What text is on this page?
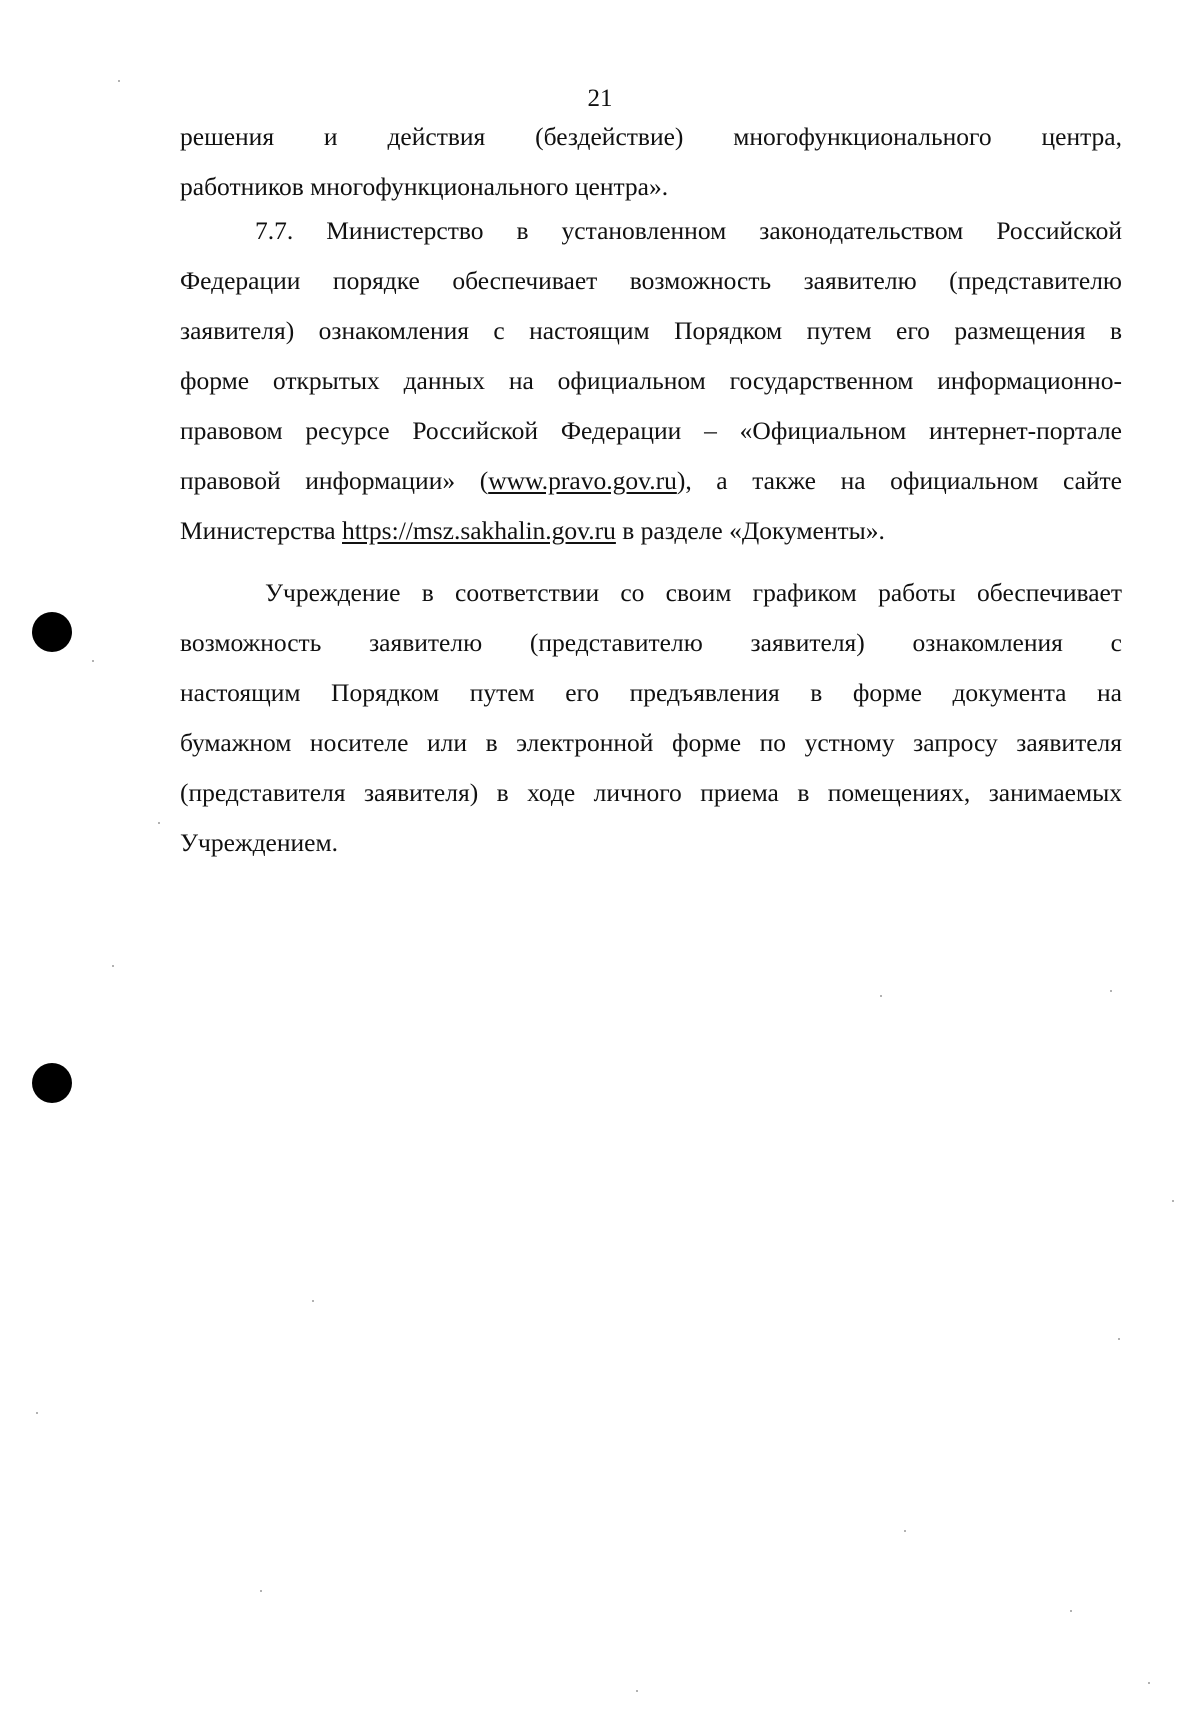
21
решения и действия (бездействие) многофункционального центра,
работников многофункционального центра».
7.7. Министерство в установленном законодательством Российской
Федерации порядке обеспечивает возможность заявителю (представителю
заявителя) ознакомления с настоящим Порядком путем его размещения в
форме открытых данных на официальном государственном информационно-
правовом ресурсе Российской Федерации – «Официальном интернет-портале
правовой информации» (www.pravo.gov.ru), а также на официальном сайте
Министерства https://msz.sakhalin.gov.ru в разделе «Документы».
Учреждение в соответствии со своим графиком работы обеспечивает
возможность заявителю (представителю заявителя) ознакомления с
настоящим Порядком путем его предъявления в форме документа на
бумажном носителе или в электронной форме по устному запросу заявителя
(представителя заявителя) в ходе личного приема в помещениях, занимаемых
Учреждением.
